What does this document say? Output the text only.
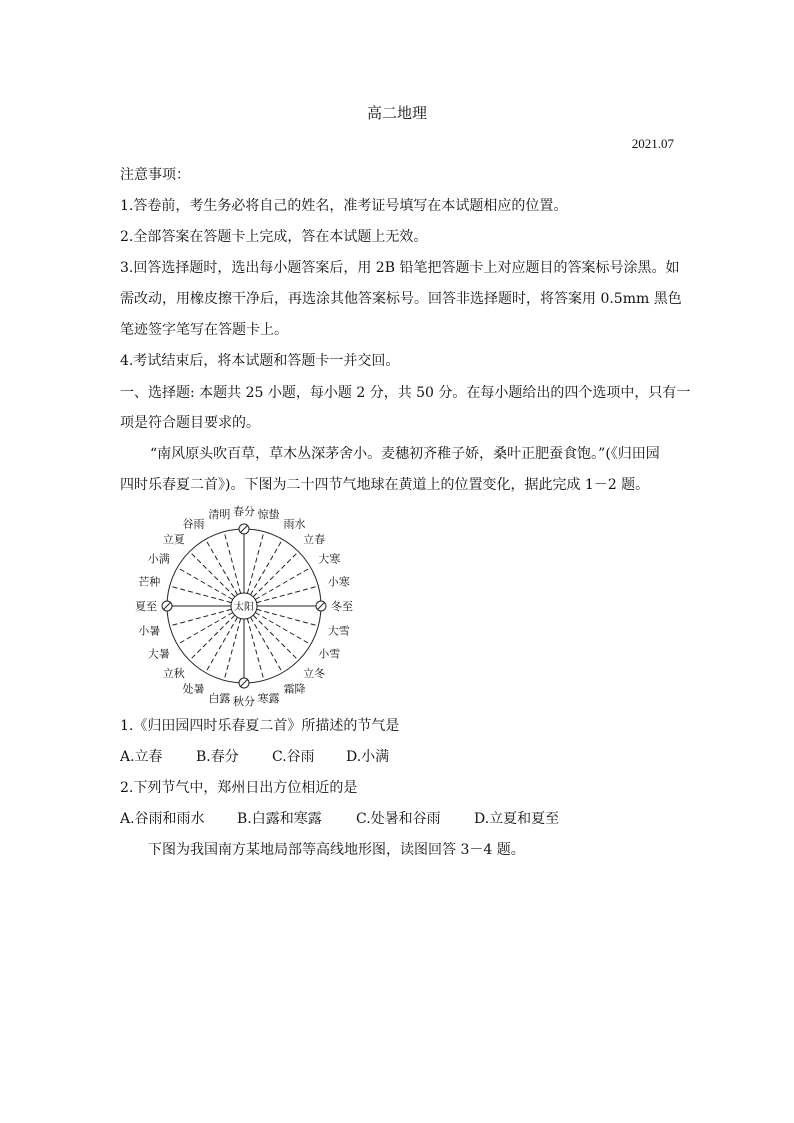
高二地理
2021.07
注意事项：
1.答卷前，考生务必将自己的姓名，准考证号填写在本试题相应的位置。
2.全部答案在答题卡上完成，答在本试题上无效。
3.回答选择题时，选出每小题答案后，用 2B 铅笔把答题卡上对应题目的答案标号涂黑。如
需改动，用橡皮擦干净后，再选涂其他答案标号。回答非选择题时，将答案用 0.5mm 黑色
笔迹签字笔写在答题卡上。
4.考试结束后，将本试题和答题卡一并交回。
一、选择题: 本题共 25 小题，每小题 2 分，共 50 分。在每小题给出的四个选项中，只有一
项是符合题目要求的。
“南风原头吹百草，草木丛深茅舍小。麦穗初齐稚子娇，桑叶正肥蚕食饱。”(《归田园
四时乐春夏二首》)。下图为二十四节气地球在黄道上的位置变化，据此完成 1－2 题。
太阳
春分 惊蛰
雨水
立春
大寒
小寒
冬至
大雪
小雪
立冬
霜降
寒露
秋分
白露
处暑
立秋
大暑
小暑
夏至
芒种
小满
立夏
谷雨
清明
1.《归田园四时乐春夏二首》所描述的节气是
A.立春 B.春分 C.谷雨 D.小满
2.下列节气中，郑州日出方位相近的是
A.谷雨和雨水 B.白露和寒露 C.处暑和谷雨 D.立夏和夏至
下图为我国南方某地局部等高线地形图，读图回答 3－4 题。
